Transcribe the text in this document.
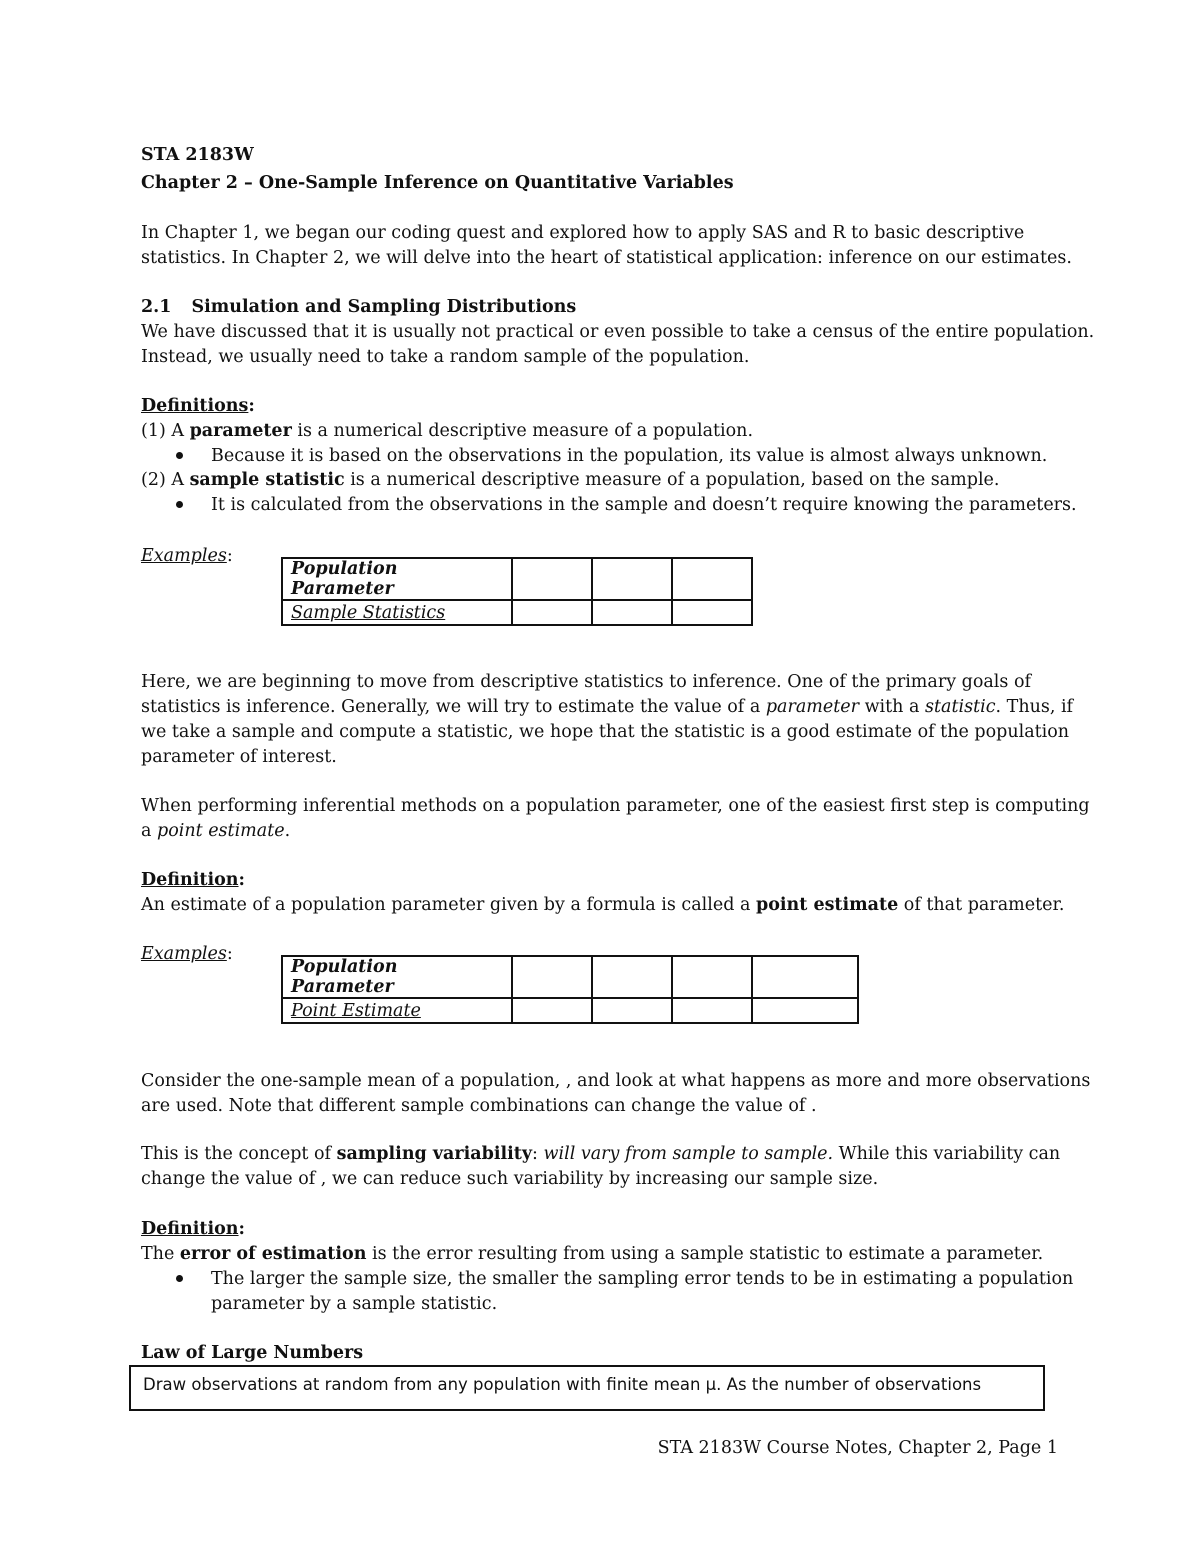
STA 2183W
Chapter 2 – One-Sample Inference on Quantitative Variables
In Chapter 1, we began our coding quest and explored how to apply SAS and R to basic descriptive
statistics. In Chapter 2, we will delve into the heart of statistical application: inference on our estimates.
2.1 Simulation and Sampling Distributions
We have discussed that it is usually not practical or even possible to take a census of the entire population.
Instead, we usually need to take a random sample of the population.
Definitions:
(1) A parameter is a numerical descriptive measure of a population.
Because it is based on the observations in the population, its value is almost always unknown.
(2) A sample statistic is a numerical descriptive measure of a population, based on the sample.
It is calculated from the observations in the sample and doesn’t require knowing the parameters.
Examples:
Population Parameter			
Sample Statistics			
Here, we are beginning to move from descriptive statistics to inference. One of the primary goals of
statistics is inference. Generally, we will try to estimate the value of a parameter with a statistic. Thus, if
we take a sample and compute a statistic, we hope that the statistic is a good estimate of the population
parameter of interest.
When performing inferential methods on a population parameter, one of the easiest first step is computing
a point estimate.
Definition:
An estimate of a population parameter given by a formula is called a point estimate of that parameter.
Examples:
Population Parameter				
Point Estimate				
Consider the one-sample mean of a population, , and look at what happens as more and more observations
are used. Note that different sample combinations can change the value of .
This is the concept of sampling variability: will vary from sample to sample. While this variability can
change the value of , we can reduce such variability by increasing our sample size.
Definition:
The error of estimation is the error resulting from using a sample statistic to estimate a parameter.
The larger the sample size, the smaller the sampling error tends to be in estimating a population
parameter by a sample statistic.
Law of Large Numbers
Draw observations at random from any population with finite mean μ. As the number of observations
STA 2183W Course Notes, Chapter 2, Page 1
